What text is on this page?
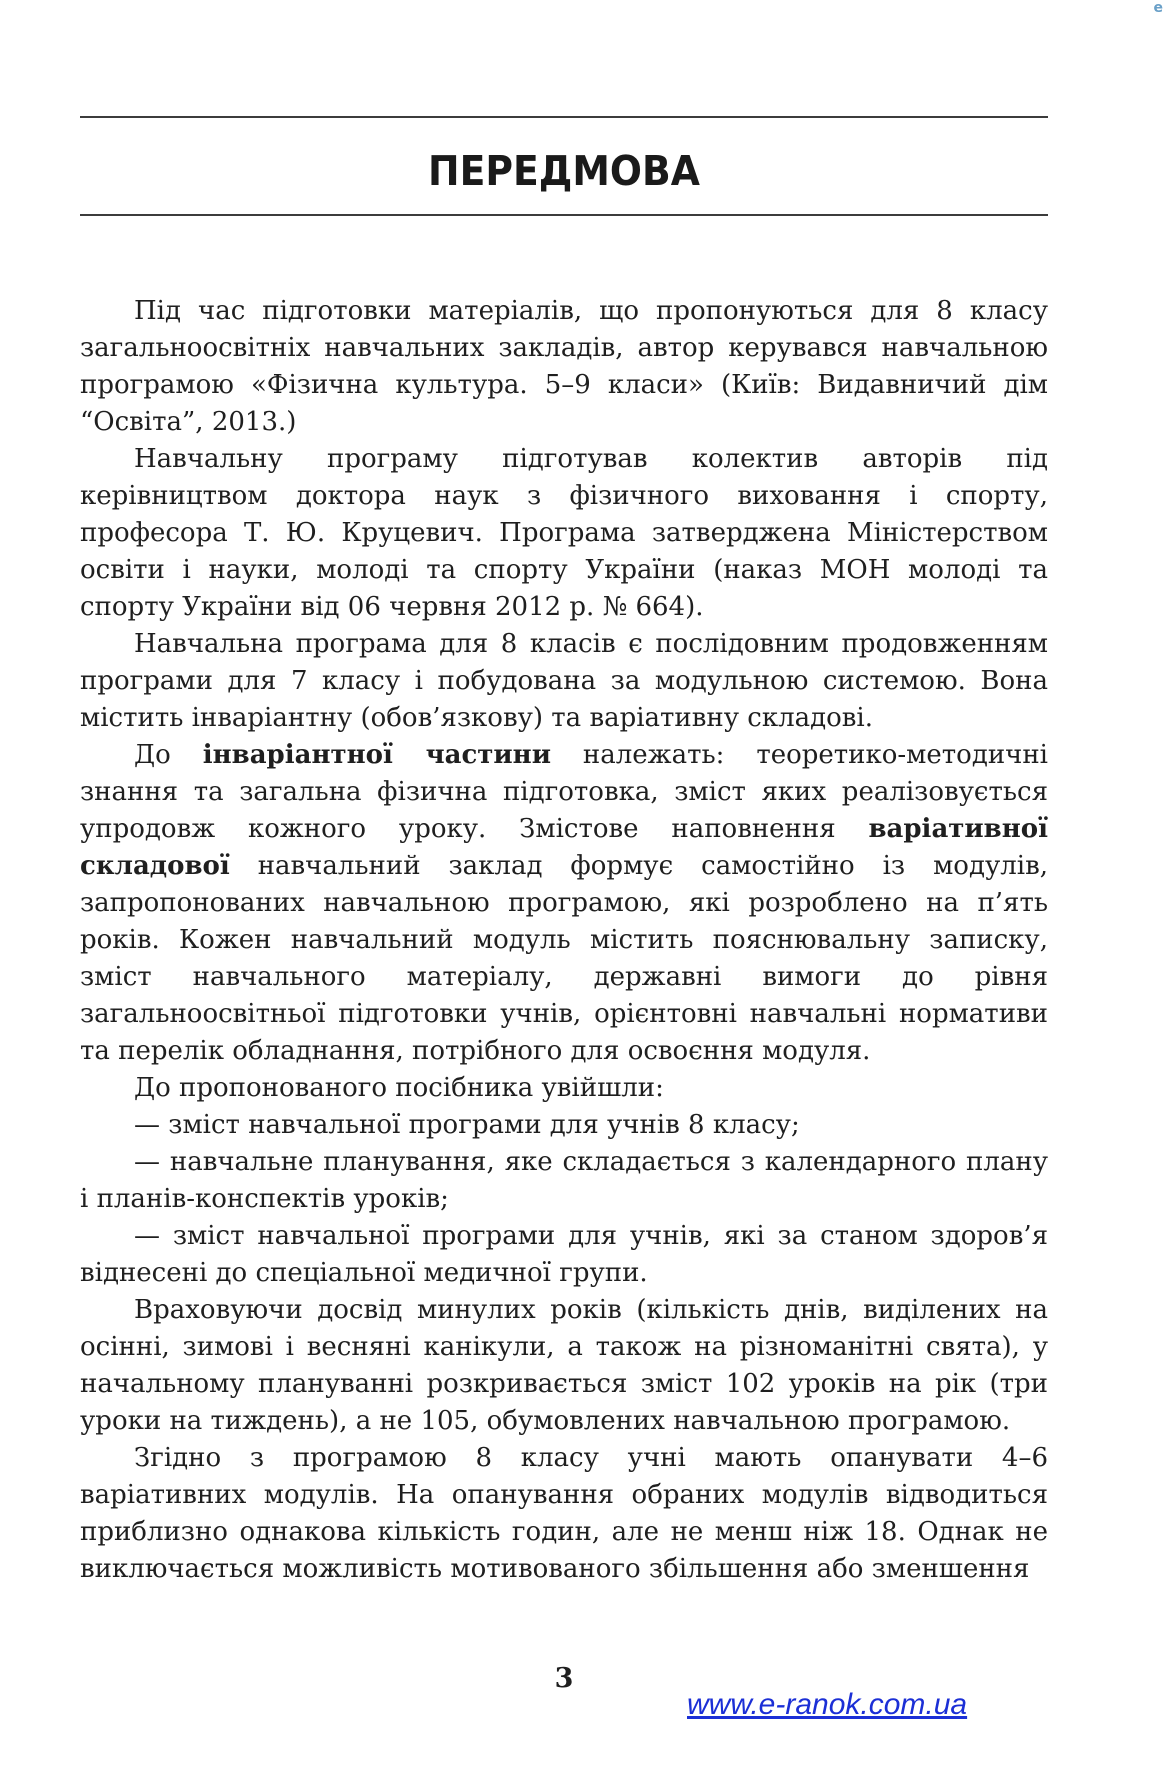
e
ПЕРЕДМОВА

Під час підготовки матеріалів, що пропонуються для 8 класу загальноосвітніх навчальних закладів, автор керувався навчальною програмою «Фізична культура. 5–9 класи» (Київ: Видавничий дім “Освіта”, 2013.)

Навчальну програму підготував колектив авторів під керівництвом доктора наук з фізичного виховання і спорту, професора Т. Ю. Круцевич. Програма затверджена Міністерством освіти і науки, молоді та спорту України (наказ МОН молоді та спорту України від 06 червня 2012 р. № 664).

Навчальна програма для 8 класів є послідовним продовженням програми для 7 класу і побудована за модульною системою. Вона містить інваріантну (обов’язкову) та варіативну складові.

До інваріантної частини належать: теоретико-методичні знання та загальна фізична підготовка, зміст яких реалізовується упродовж кожного уроку. Змістове наповнення варіативної складової навчальний заклад формує самостійно із модулів, запропонованих навчальною програмою, які розроблено на п’ять років. Кожен навчальний модуль містить пояснювальну записку, зміст навчального матеріалу, державні вимоги до рівня загальноосвітньої підготовки учнів, орієнтовні навчальні нормативи та перелік обладнання, потрібного для освоєння модуля.

До пропонованого посібника увійшли:

— зміст навчальної програми для учнів 8 класу;

— навчальне планування, яке складається з календарного плану і планів-конспектів уроків;

— зміст навчальної програми для учнів, які за станом здоров’я віднесені до спеціальної медичної групи.

Враховуючи досвід минулих років (кількість днів, виділених на осінні, зимові і весняні канікули, а також на різноманітні свята), у начальному плануванні розкривається зміст 102 уроків на рік (три уроки на тиждень), а не 105, обумовлених навчальною програмою.

Згідно з програмою 8 класу учні мають опанувати 4–6 варіативних модулів. На опанування обраних модулів відводиться приблизно однакова кількість годин, але не менш ніж 18. Однак не виключається можливість мотивованого збільшення або зменшення

3
www.e-ranok.com.ua
